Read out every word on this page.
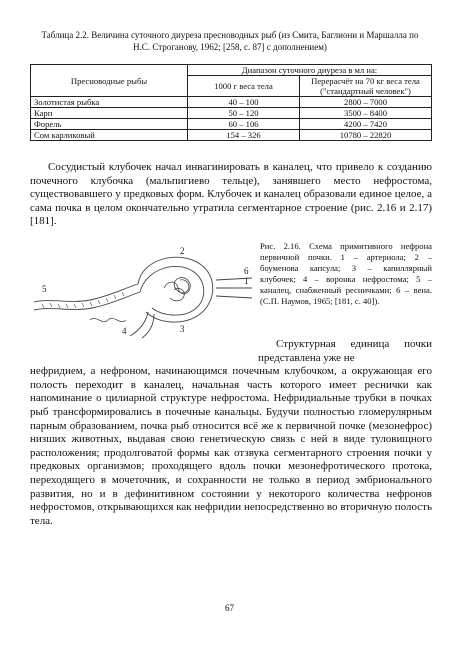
Таблица 2.2. Величина суточного диуреза пресноводных рыб (из Смита, Баглиони и Маршалла по Н.С. Строганову, 1962; [258, с. 87] с дополнением)
Пресноводные рыбы	Диапазон суточного диуреза в мл на:	
	1000 г веса тела	Перерасчёт на 70 кг веса тела ("стандартный человек")
Золотистая рыбка	40 – 100	2800 – 7000
Карп	50 – 120	3500 – 8400
Форель	60 – 106	4200 – 7420
Сом карликовый	154 – 326	10780 – 22820

Сосудистый клубочек начал инвагинировать в каналец, что привело к созданию почечного клубочка (мальпигиево тельце), занявшего место нефростома, существовавшего у предковых форм. Клубочек и каналец образовали единое целое, а сама почка в целом окончательно утратила сегментарное строение (рис. 2.16 и 2.17) [181].

2
1
6
5
4	3

Рис. 2.16. Схема примитивного нефрона первичной почки. 1 – артериола; 2 – боуменова капсула; 3 – капиллярный клубочек; 4 – воронка нефростома; 5 – каналец, снабженный ресничками; 6 – вена. (С.П. Наумов, 1965; [181, с. 40]).

Структурная единица почки представлена уже не
нефридием, а нефроном, начинающимся почечным клубочком, а окружающая его полость переходит в каналец, начальная часть которого имеет реснички как напоминание о цилиарной структуре нефростома. Нефридиальные трубки в почках рыб трансформировались в почечные канальцы. Будучи полностью гломерулярным парным образованием, почка рыб относится всё же к первичной почке (мезонефрос) низших животных, выдавая свою генетическую связь с ней в виде туловищного расположения; продолговатой формы как отзвука сегментарного строения почки у предковых организмов; проходящего вдоль почки мезонефротического протока, переходящего в мочеточник, и сохранности не только в период эмбрионального развития, но и в дефинитивном состоянии у некоторого количества нефронов нефростомов, открывающихся как нефридии непосредственно во вторичную полость тела.

67
